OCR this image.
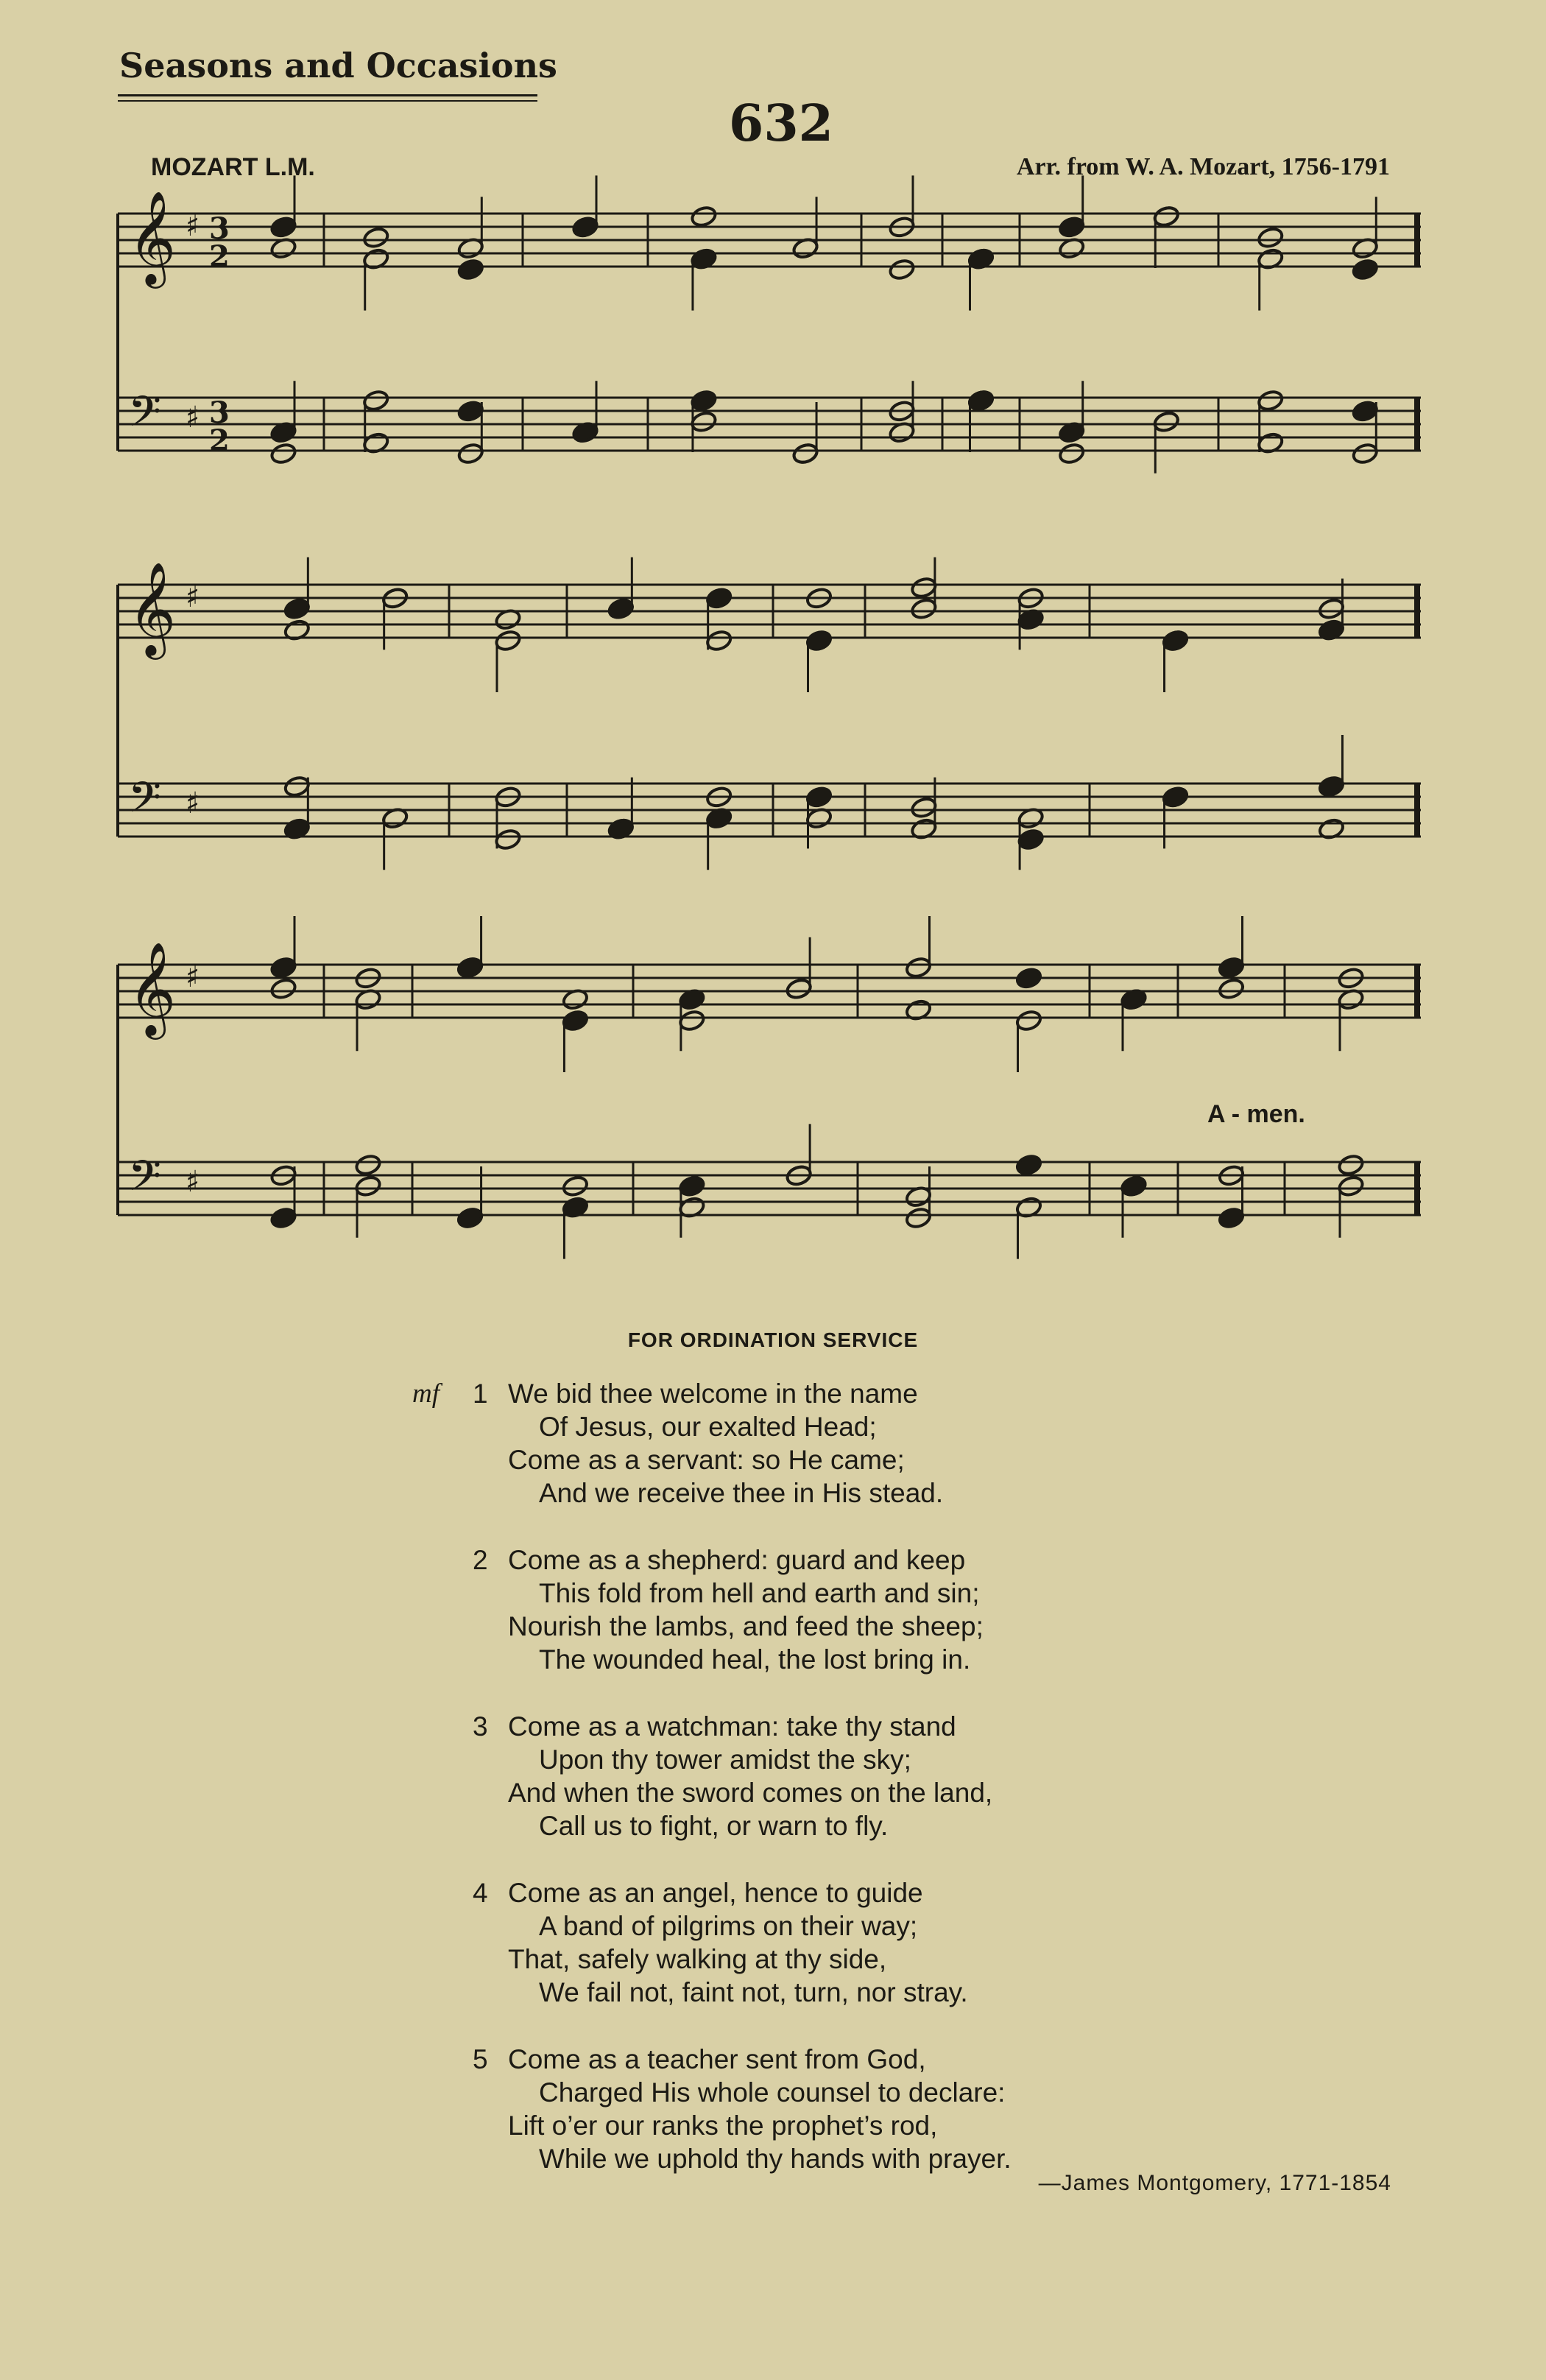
Seasons and Occasions
632
MOZART L.M.	Arr. from W. A. Mozart, 1756-1791
𝄞 ♯ 3
2
𝄢 ♯ 3
2
𝄞 ♯
𝄢 ♯
𝄞 ♯
𝄢 ♯
A - men.
FOR ORDINATION SERVICE
1
mf	We bid thee welcome in the name
Of Jesus, our exalted Head;
Come as a servant: so He came;
And we receive thee in His stead.
2 Come as a shepherd: guard and keep
This fold from hell and earth and sin;
Nourish the lambs, and feed the sheep;
The wounded heal, the lost bring in.
3 Come as a watchman: take thy stand
Upon thy tower amidst the sky;
And when the sword comes on the land,
Call us to fight, or warn to fly.
4 Come as an angel, hence to guide
A band of pilgrims on their way;
That, safely walking at thy side,
We fail not, faint not, turn, nor stray.
5 Come as a teacher sent from God,
Charged His whole counsel to declare:
Lift o’er our ranks the prophet’s rod,
While we uphold thy hands with prayer.
—James Montgomery, 1771-1854
